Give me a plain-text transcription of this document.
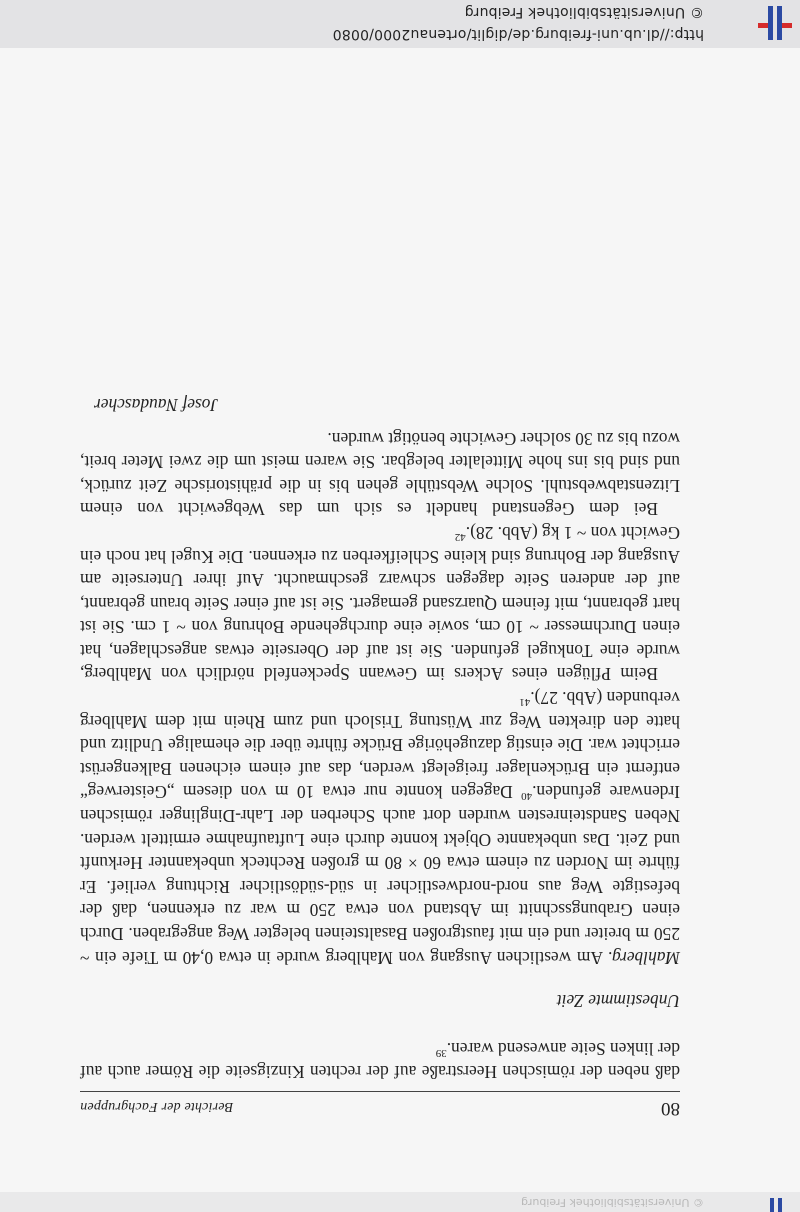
© Universitätsbibliothek Freiburg
80
Berichte der Fachgruppen

daß neben der römischen Heerstraße auf der rechten Kinzigseite die Römer auch auf der linken Seite anwesend waren.$^{39}$

Unbestimmte Zeit

Mahlberg. Am westlichen Ausgang von Mahlberg wurde in etwa 0,40 m Tiefe ein ~ 250 m breiter und ein mit faustgroßen Basaltsteinen belegter Weg angegraben. Durch einen Grabungsschnitt im Abstand von etwa 250 m war zu erkennen, daß der befestigte Weg aus nord-nordwestlicher in süd-südöstlicher Richtung verlief. Er führte im Norden zu einem etwa 60 × 80 m großen Rechteck unbekannter Herkunft und Zeit. Das unbekannte Objekt konnte durch eine Luftaufnahme ermittelt werden. Neben Sandsteinresten wurden dort auch Scherben der Lahr-Dinglinger römischen Irdenware gefunden.$^{40}$ Dagegen konnte nur etwa 10 m von diesem „Geisterweg“ entfernt ein Brückenlager freigelegt werden, das auf einem eichenen Balkengerüst errichtet war. Die einstig dazugehörige Brücke führte über die ehemalige Undlitz und hatte den direkten Weg zur Wüstung Trisloch und zum Rhein mit dem Mahlberg verbunden (Abb. 27).$^{41}$

Beim Pflügen eines Ackers im Gewann Speckenfeld nördlich von Mahlberg, wurde eine Tonkugel gefunden. Sie ist auf der Oberseite etwas angeschlagen, hat einen Durchmesser ~ 10 cm, sowie eine durchgehende Bohrung von ~ 1 cm. Sie ist hart gebrannt, mit feinem Quarzsand gemagert. Sie ist auf einer Seite braun gebrannt, auf der anderen Seite dagegen schwarz geschmaucht. Auf ihrer Unterseite am Ausgang der Bohrung sind kleine Schleifkerben zu erkennen. Die Kugel hat noch ein Gewicht von ~ 1 kg (Abb. 28).$^{42}$

Bei dem Gegenstand handelt es sich um das Webgewicht von einem Litzenstabwebstuhl. Solche Webstühle gehen bis in die prähistorische Zeit zurück, und sind bis ins hohe Mittelalter belegbar. Sie waren meist um die zwei Meter breit, wozu bis zu 30 solcher Gewichte benötigt wurden.

Josef Naudascher

http://dl.ub.uni-freiburg.de/diglit/ortenau2000/0080
© Universitätsbibliothek Freiburg
